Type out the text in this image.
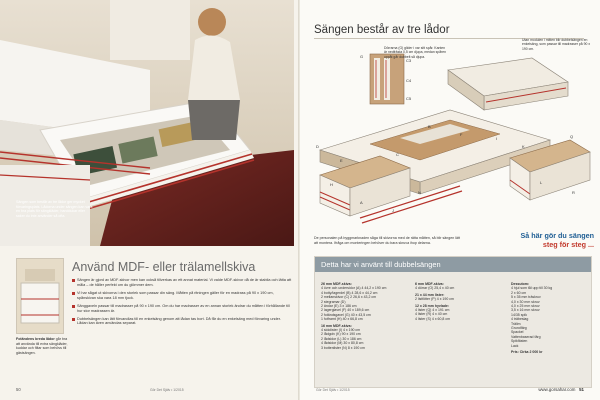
Sängen som består av tre lådor ger mycket förvaringsplats. Lådorna under sängen kan vara en bra plats för sängkläder, handdukar eller saker du inte använder så ofta.
Fotändens breda lådor går bra att använda till extra sängkläder, kuddar och filtar som behövs till gästsängen.
Använd MDF- eller trälamellskiva
Sängen är gjord av MDF-skivor men kan också tillverkas av ett annat material. Vi valde MDF-skivor då de är stabila och lätta att måla – de håller perfekt om du glömmer dem.
Vi har sågat ut skivorna i den storlek som passar din säng. Måtten på ritningen gäller för en madrass på 90 x 190 cm, spånskivan ska vara 18 mm tjock.
Sänggaveln passar till madrasser på 90 x 190 cm. Om du har madrasser av en annan storlek ändrar du måtten i förhållande till hur stor madrassen är.
Dubbelsängen kan lätt förvandlas till en enkelsäng genom att lådan tas bort. Då får du en enkelsäng med förvaring under. Lådan kan även användas separat.
50	Gör Det Själv • 1/2015
Sängen består av tre lådor
G
C3
C4
C5
D
E
H
A
C
B
F
I
K
Q
L
R
N
J
Dörrarna (G) glider i var sitt spår. Kanten är nedfrästa 0,5 cm djupa, medan spåren uppåt går dubbelt så djupa.
Utan modulen i mitten blir dubbelsängen en enkelsäng, som passar till madrasser på 90 x 190 cm.
De personalen på byggmarknaden såga till skivorna med de rätta måtten, så blir sängen lätt att montera. Ifråga om monteringen behöver du bara skruva ihop delarna.
Så här gör du sängen
steg för steg ...
Detta har vi använt till dubbelsängen
26 mm MDF-skiva:
4 övre och undersidor (A) 4 44,2 x 190 cm
4 botty/lagerdel (B) 4 28,6 x 44,2 cm
2 mellanskivor (C) 2 26,6 x 43,2 cm
2 stegramar (D)
2 ändar (E) 3 x 186 cm
2 lagerglavel (F) 40 x 189,6 cm
2 fotändsgavel (G) 40 x 43,5 cm
1 fotframt (H) 40 x 66,8 cm
16 mm MDF-skiva:
4 sidolister (I) 4 x 190 cm
2 lådgolv (K) 90 x 190 cm
2 lådsidor (L) 30 x 186 cm
4 lådsidor (M) 30 x 80,8 cm
3 bottenlister (N) 8 x 190 cm
6 mm MDF-skiva:
4 dörrar (O) 25,4 x 40 cm
21 x 44 mm lister:
2 listfötter (P) 4 x 190 cm
12 x 28 mm hyvlade:
4 lister (Q) 4 x 191 cm
4 lister (R) 4 x 40 cm
4 lister (S) 4 x 60,8 cm
Dessutom:
4 hjul som tål upp till 30 kg
2 x 60 cm
5 x 35 mm träskruv
4,0 x 30 mm skruv
4,0 x 25 mm skruv
3,5 x 16 mm skruv
14/35 spik
4 träbeslag
Trälim
Grundfärg
Spackel
Vattenbaserad färg
Spikfästen
Lack
Pris: Cirka 2 000 kr
Gör Det Själv • 1/2015	www.gorsahar.com 51
